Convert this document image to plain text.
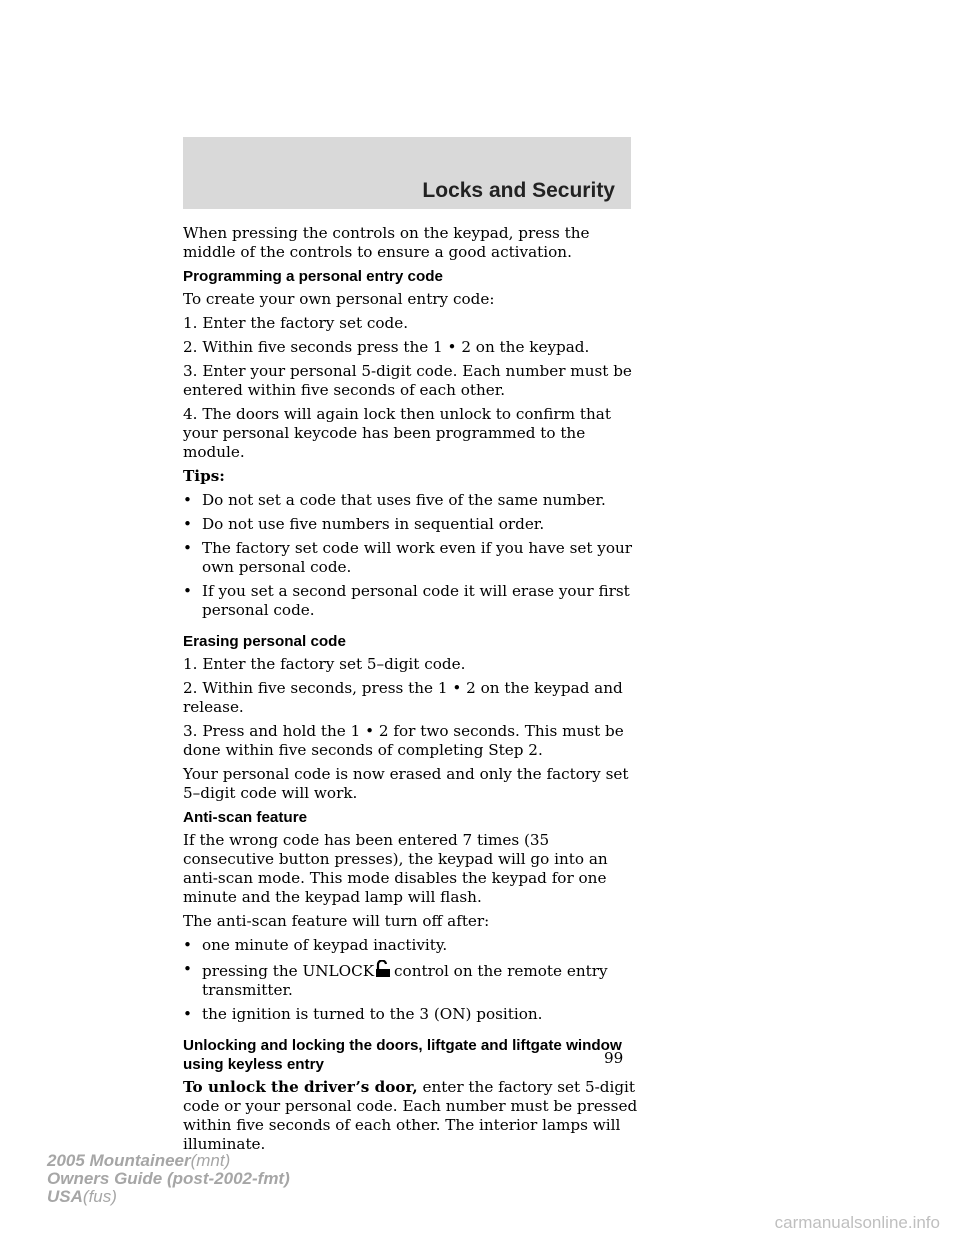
Locks and Security

When pressing the controls on the keypad, press the middle of the controls to ensure a good activation.

Programming a personal entry code

To create your own personal entry code:

1. Enter the factory set code.

2. Within five seconds press the 1 • 2 on the keypad.

3. Enter your personal 5-digit code. Each number must be entered within five seconds of each other.

4. The doors will again lock then unlock to confirm that your personal keycode has been programmed to the module.

Tips:

• Do not set a code that uses five of the same number.
• Do not use five numbers in sequential order.
• The factory set code will work even if you have set your own personal code.
• If you set a second personal code it will erase your first personal code.
Erasing personal code

1. Enter the factory set 5–digit code.

2. Within five seconds, press the 1 • 2 on the keypad and release.

3. Press and hold the 1 • 2 for two seconds. This must be done within five seconds of completing Step 2.

Your personal code is now erased and only the factory set 5–digit code will work.

Anti-scan feature

If the wrong code has been entered 7 times (35 consecutive button presses), the keypad will go into an anti-scan mode. This mode disables the keypad for one minute and the keypad lamp will flash.

The anti-scan feature will turn off after:

• one minute of keypad inactivity.
• pressing the UNLOCK control on the remote entry transmitter.
• the ignition is turned to the 3 (ON) position.
Unlocking and locking the doors, liftgate and liftgate window using keyless entry

To unlock the driver’s door, enter the factory set 5-digit code or your personal code. Each number must be pressed within five seconds of each other. The interior lamps will illuminate.

99
2005 Mountaineer(mnt)
Owners Guide (post-2002-fmt)
USA(fus)
carmanualsonline.info
